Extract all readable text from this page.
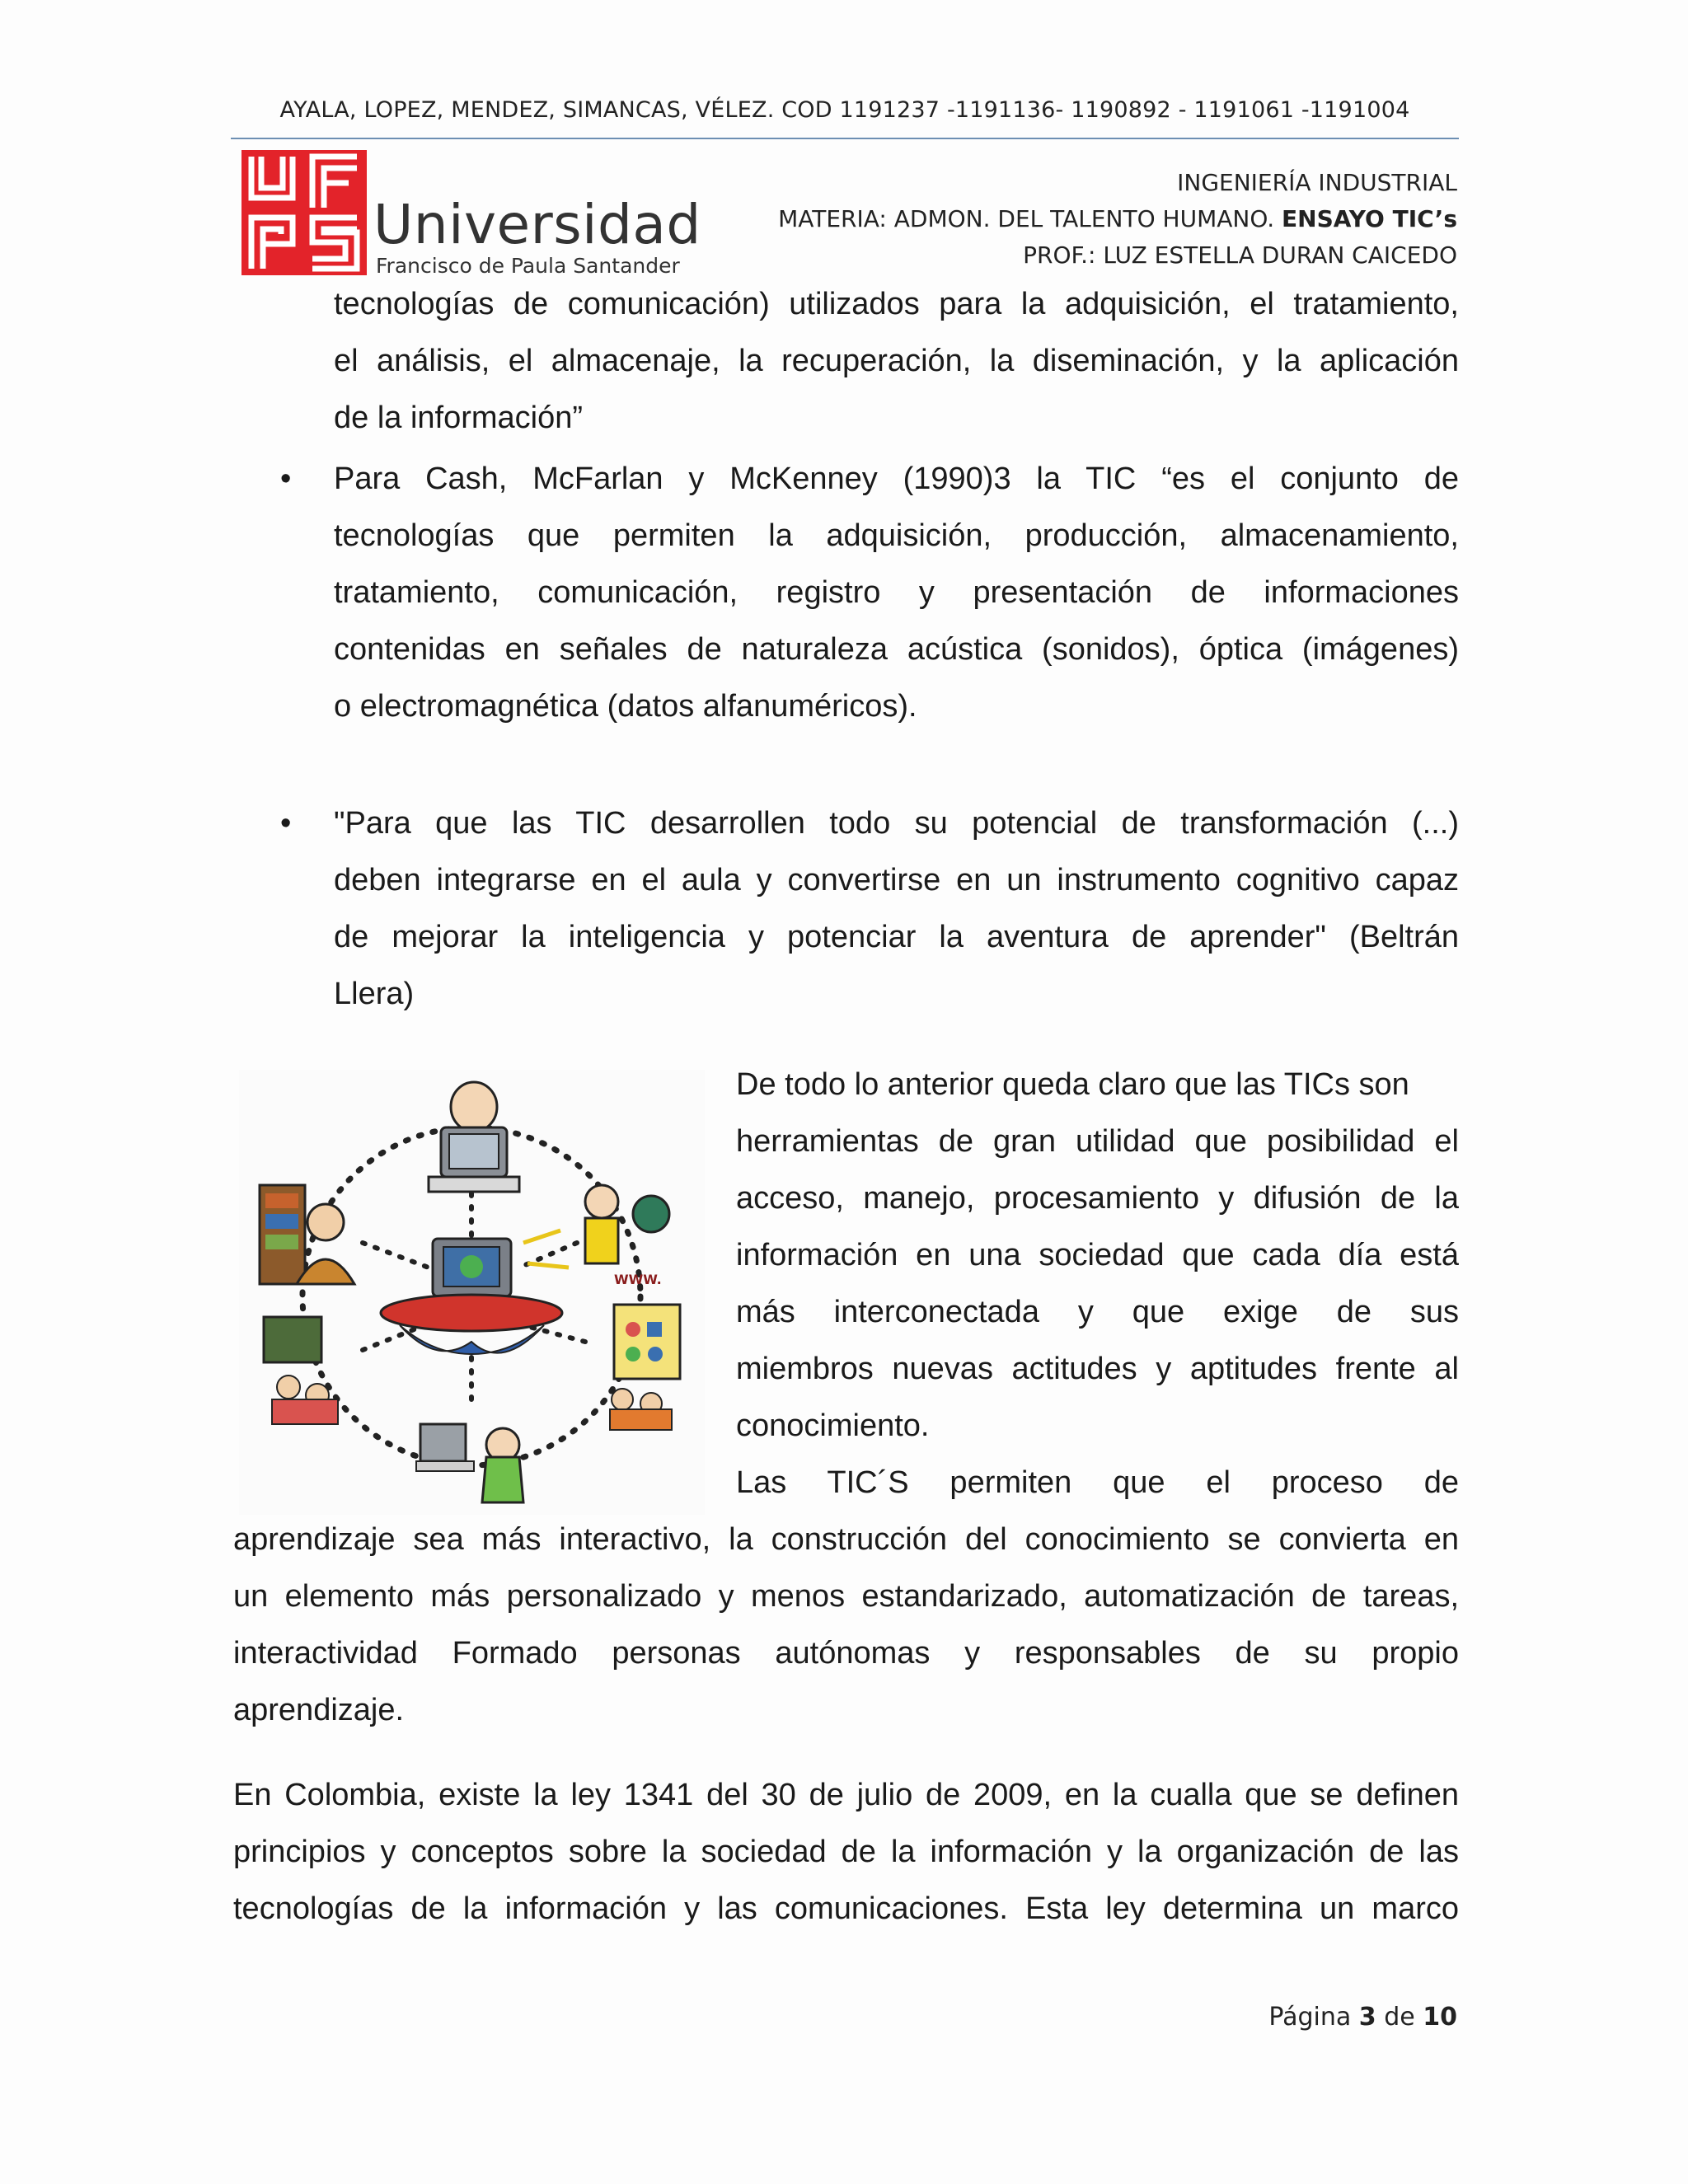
AYALA, LOPEZ, MENDEZ, SIMANCAS, VÉLEZ. COD 1191237 -1191136- 1190892 - 1191061 -1191004
Universidad
Francisco de Paula Santander
INGENIERÍA INDUSTRIAL
MATERIA: ADMON. DEL TALENTO HUMANO. ENSAYO TIC’s
PROF.: LUZ ESTELLA DURAN CAICEDO
tecnologías de comunicación) utilizados para la adquisición, el tratamiento,
el análisis, el almacenaje, la recuperación, la diseminación, y la aplicación
de la información”
• Para Cash, McFarlan y McKenney (1990)3 la TIC “es el conjunto de
tecnologías que permiten la adquisición, producción, almacenamiento,
tratamiento, comunicación, registro y presentación de informaciones
contenidas en señales de naturaleza acústica (sonidos), óptica (imágenes)
o electromagnética (datos alfanuméricos).
• "Para que las TIC desarrollen todo su potencial de transformación (...)
deben integrarse en el aula y convertirse en un instrumento cognitivo capaz
de mejorar la inteligencia y potenciar la aventura de aprender" (Beltrán
Llera)
WWW.
De todo lo anterior queda claro que las TICs son
herramientas de gran utilidad que posibilidad el
acceso, manejo, procesamiento y difusión de la
información en una sociedad que cada día está
más interconectada y que exige de sus
miembros nuevas actitudes y aptitudes frente al
conocimiento.
Las TIC´S permiten que el proceso de
aprendizaje sea más interactivo, la construcción del conocimiento se convierta en
un elemento más personalizado y menos estandarizado, automatización de tareas,
interactividad Formado personas autónomas y responsables de su propio
aprendizaje.
En Colombia, existe la ley 1341 del 30 de julio de 2009, en la cualla que se definen
principios y conceptos sobre la sociedad de la información y la organización de las
tecnologías de la información y las comunicaciones. Esta ley determina un marco
Página 3 de 10
